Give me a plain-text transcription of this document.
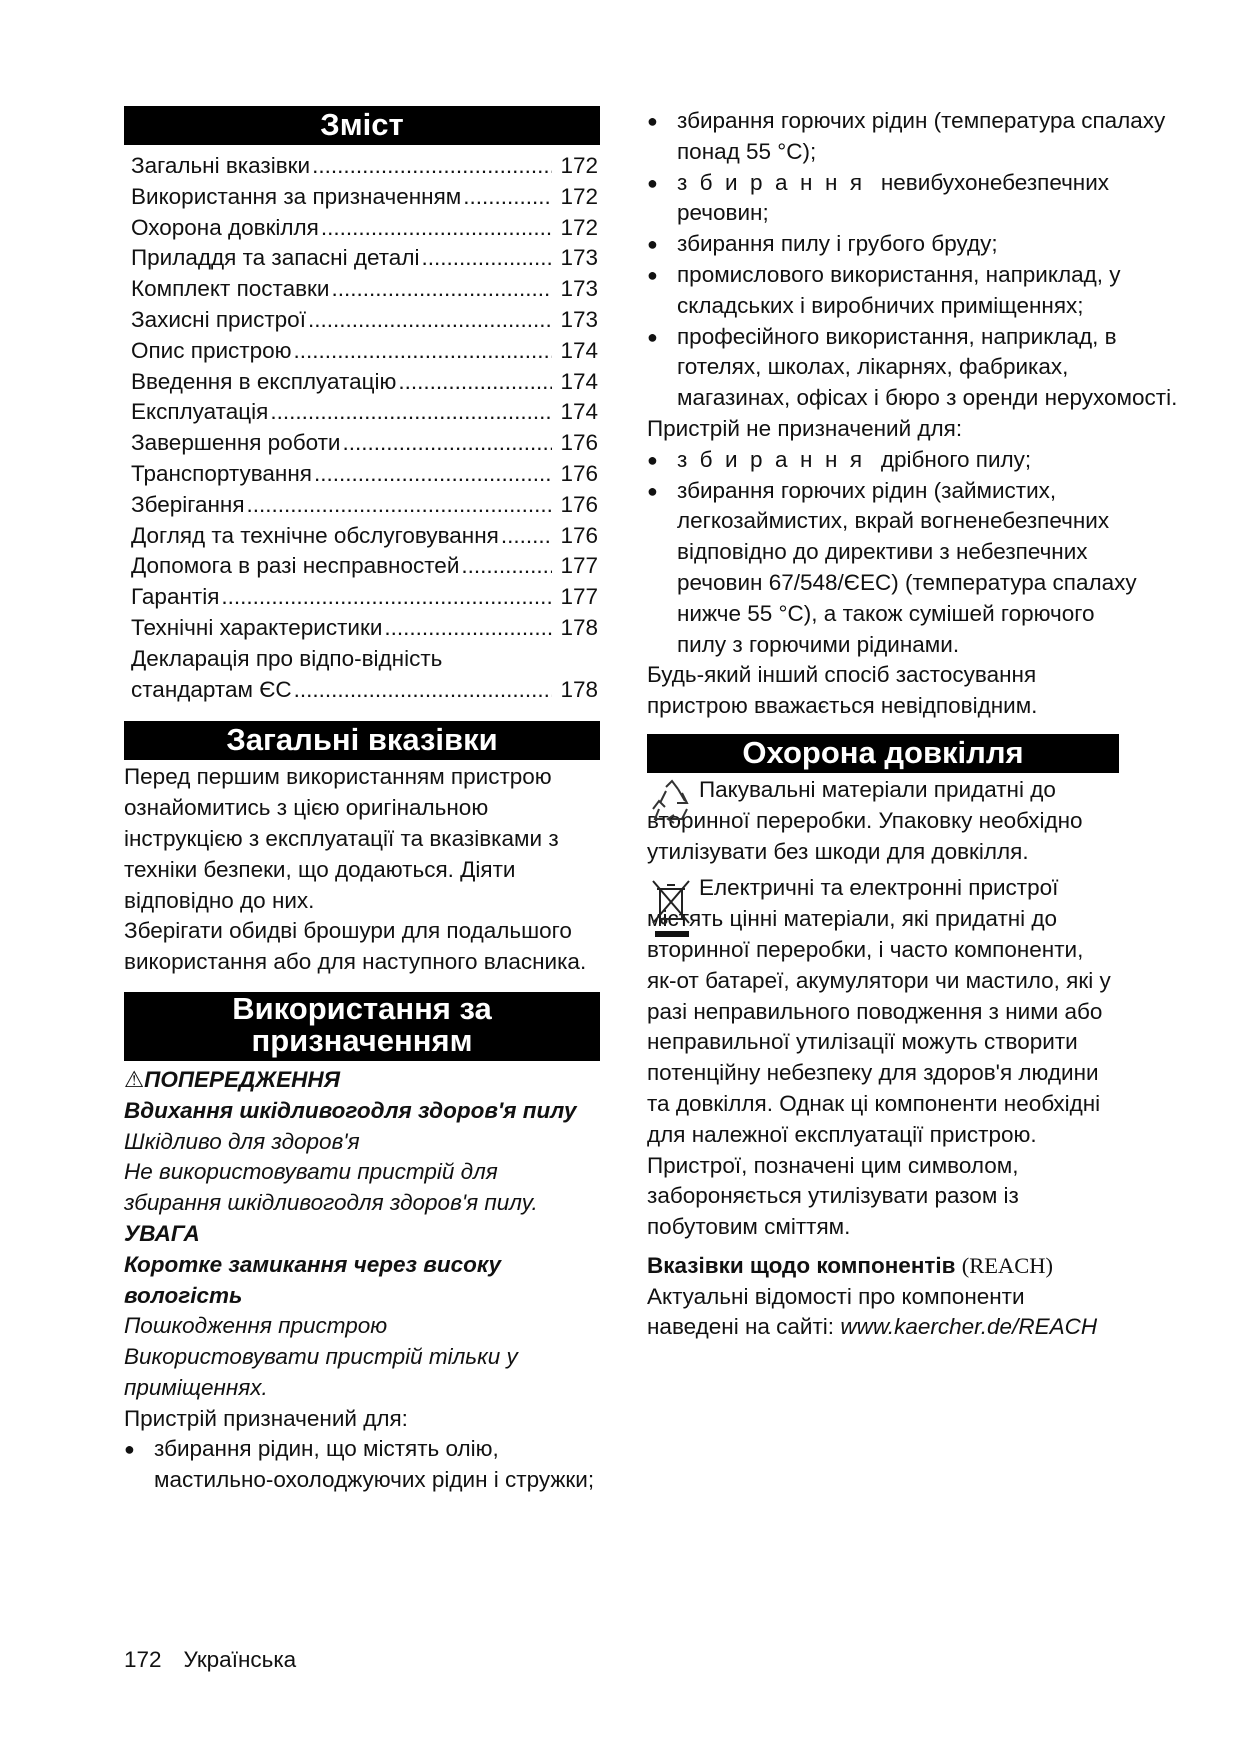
Зміст
Загальні вказівки .....	172
Використання за призначенням .....	172
Охорона довкілля .....	172
Приладдя та запасні деталі .....	173
Комплект поставки .....	173
Захисні пристрої .....	173
Опис пристрою .....	174
Введення в експлуатацію .....	174
Експлуатація .....	174
Завершення роботи .....	176
Транспортування .....	176
Зберігання .....	176
Догляд та технічне обслуговування .....	176
Допомога в разі несправностей .....	177
Гарантія .....	177
Технічні характеристики .....	178
Декларація про відпо-відність
стандартам ЄС .....	178
Загальні вказівки

Перед першим використанням пристрою ознайомитись з цією оригінальною інструкцією з експлуатації та вказівками з техніки безпеки, що додаються. Діяти відповідно до них.

Зберігати обидві брошури для подальшого використання або для наступного власника.

Використання за
призначенням

⚠ПОПЕРЕДЖЕННЯ

Вдихання шкідливогодля здоров'я пилу

Шкідливо для здоров'я

Не використовувати пристрій для збирання шкідливогодля здоров'я пилу.

УВАГА

Коротке замикання через високу вологість

Пошкодження пристрою

Використовувати пристрій тільки у приміщеннях.

Пристрій призначений для:

● збирання рідин, що містять олію, мастильно-охолоджуючих рідин і стружки;
● збирання горючих рідин (температура спалаху понад 55 °C);
● збирання невибухонебезпечних речовин;
● збирання пилу і грубого бруду;
● промислового використання, наприклад, у складських і виробничих приміщеннях;
● професійного використання, наприклад, в готелях, школах, лікарнях, фабриках, магазинах, офісах і бюро з оренди нерухомості.

Пристрій не призначений для:

● збирання дрібного пилу;
● збирання горючих рідин (займистих, легкозаймистих, вкрай вогненебезпечних відповідно до директиви з небезпечних речовин 67/548/ЄЕС) (температура спалаху нижче 55 °C), а також сумішей горючого пилу з горючими рідинами.

Будь-який інший спосіб застосування пристрою вважається невідповідним.

Охорона довкілля
Пакувальні матеріали придатні до вторинної переробки. Упаковку необхідно утилізувати без шкоди для довкілля.
Електричні та електронні пристрої містять цінні матеріали, які придатні до вторинної переробки, і часто компоненти, як-от батареї, акумулятори чи мастило, які у разі неправильного поводження з ними або неправильної утилізації можуть створити потенційну небезпеку для здоров'я людини та довкілля. Однак ці компоненти необхідні для належної експлуатації пристрою. Пристрої, позначені цим символом, забороняється утилізувати разом із побутовим сміттям.

Вказівки щодо компонентів (REACH)

Актуальні відомості про компоненти наведені на сайті: www.kaercher.de/REACH

172 Українська
